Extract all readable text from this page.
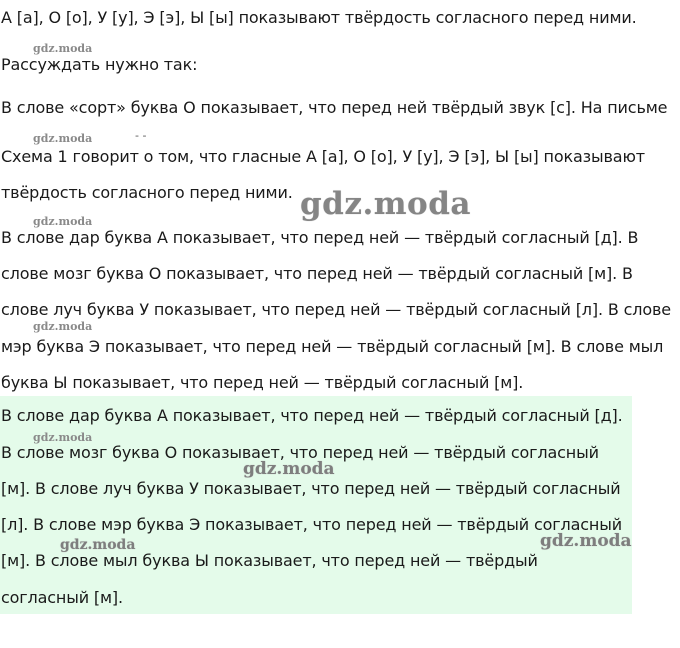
А [а], О [о], У [у], Э [э], Ы [ы] показывают твёрдость согласного перед ними.
Рассуждать нужно так:
В слове «сорт» буква О показывает, что перед ней твёрдый звук [с]. На письме
Схема 1 говорит о том, что гласные А [а], О [о], У [у], Э [э], Ы [ы] показывают
твёрдость согласного перед ними.
В слове дар буква А показывает, что перед ней — твёрдый согласный [д]. В
слове мозг буква О показывает, что перед ней — твёрдый согласный [м]. В
слове луч буква У показывает, что перед ней — твёрдый согласный [л]. В слове
мэр буква Э показывает, что перед ней — твёрдый согласный [м]. В слове мыл
буква Ы показывает, что перед ней — твёрдый согласный [м].
В слове дар буква А показывает, что перед ней — твёрдый согласный [д].
В слове мозг буква О показывает, что перед ней — твёрдый согласный
[м]. В слове луч буква У показывает, что перед ней — твёрдый согласный
[л]. В слове мэр буква Э показывает, что перед ней — твёрдый согласный
[м]. В слове мыл буква Ы показывает, что перед ней — твёрдый
согласный [м].
gdz.moda
gdz.moda	- -
gdz.moda
gdz.moda
gdz.moda
gdz.moda
gdz.moda
gdz.moda	gdz.moda
